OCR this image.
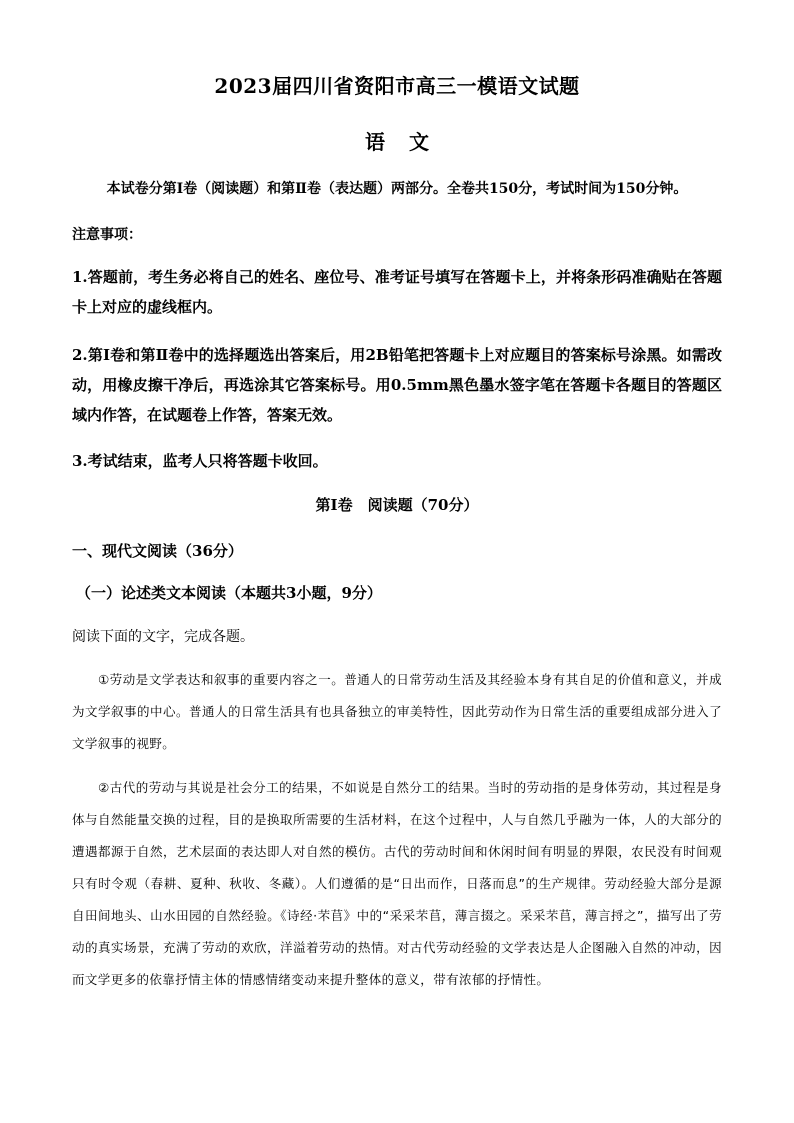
2023届四川省资阳市高三一模语文试题
语文
本试卷分第Ⅰ卷（阅读题）和第Ⅱ卷（表达题）两部分。全卷共150分，考试时间为150分钟。
注意事项：
1.答题前，考生务必将自己的姓名、座位号、准考证号填写在答题卡上，并将条形码准确贴在答题卡上对应的虚线框内。
2.第Ⅰ卷和第Ⅱ卷中的选择题选出答案后，用2B铅笔把答题卡上对应题目的答案标号涂黑。如需改动，用橡皮擦干净后，再选涂其它答案标号。用0.5mm黑色墨水签字笔在答题卡各题目的答题区域内作答，在试题卷上作答，答案无效。
3.考试结束，监考人只将答题卡收回。
第Ⅰ卷　阅读题（70分）
一、现代文阅读（36分）
（一）论述类文本阅读（本题共3小题，9分）
阅读下面的文字，完成各题。
①劳动是文学表达和叙事的重要内容之一。普通人的日常劳动生活及其经验本身有其自足的价值和意义，并成为文学叙事的中心。普通人的日常生活具有也具备独立的审美特性，因此劳动作为日常生活的重要组成部分进入了文学叙事的视野。
②古代的劳动与其说是社会分工的结果，不如说是自然分工的结果。当时的劳动指的是身体劳动，其过程是身体与自然能量交换的过程，目的是换取所需要的生活材料，在这个过程中，人与自然几乎融为一体，人的大部分的遭遇都源于自然，艺术层面的表达即人对自然的模仿。古代的劳动时间和休闲时间有明显的界限，农民没有时间观只有时令观（春耕、夏种、秋收、冬藏）。人们遵循的是“日出而作，日落而息”的生产规律。劳动经验大部分是源自田间地头、山水田园的自然经验。《诗经·芣苢》中的“采采芣苢，薄言掇之。采采芣苢，薄言捋之”，描写出了劳动的真实场景，充满了劳动的欢欣，洋溢着劳动的热情。对古代劳动经验的文学表达是人企图融入自然的冲动，因而文学更多的依靠抒情主体的情感情绪变动来提升整体的意义，带有浓郁的抒情性。
